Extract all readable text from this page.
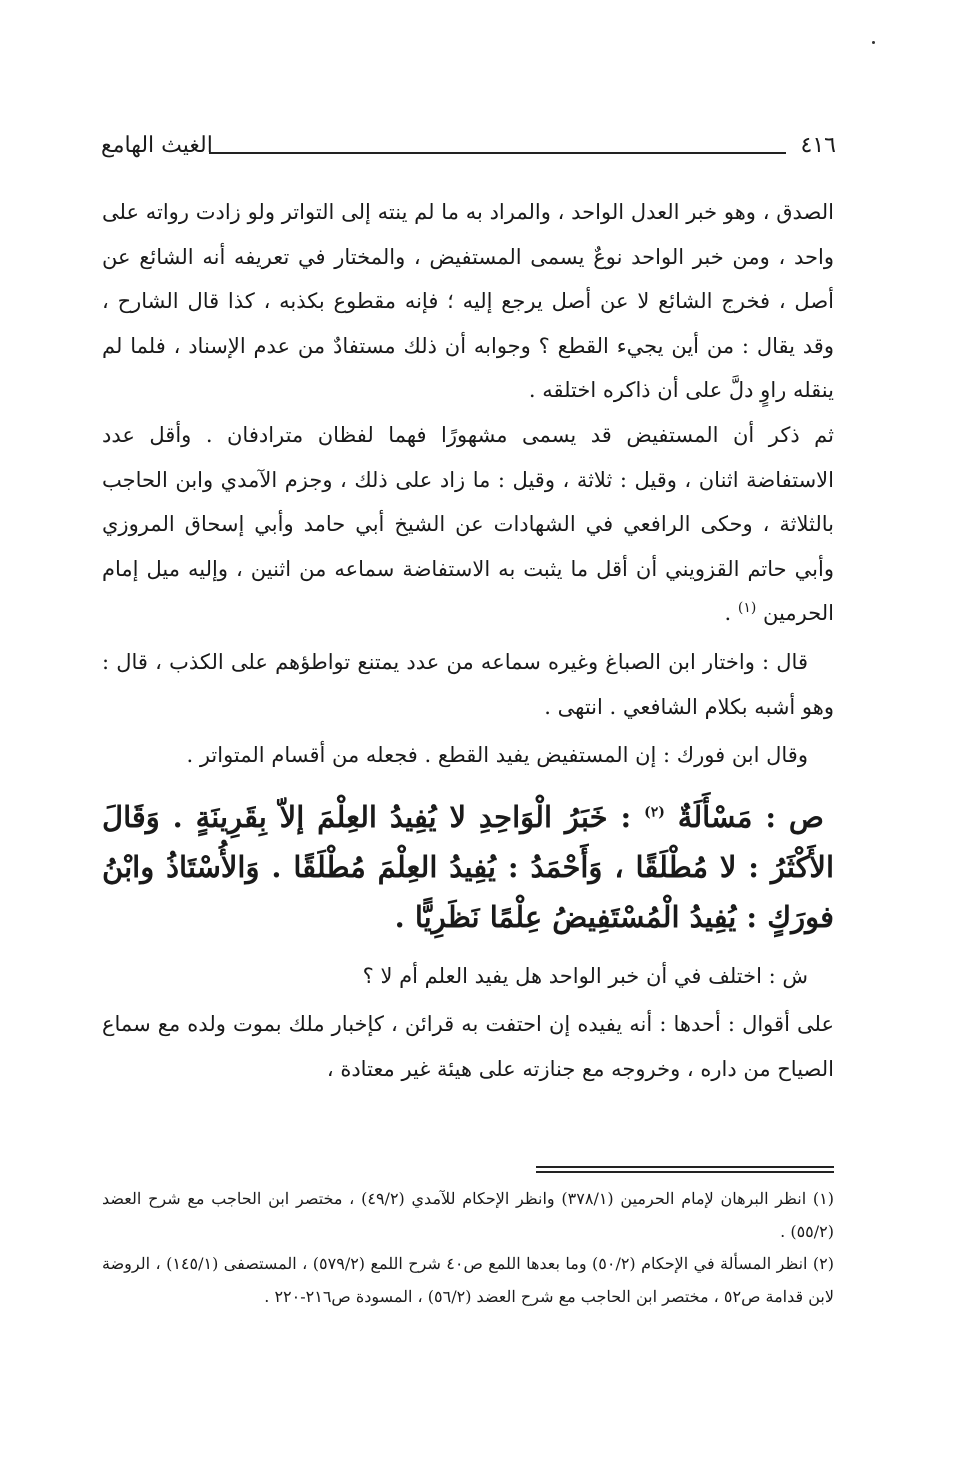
٤١٦
الغيث الهامع

الصدق ، وهو خبر العدل الواحد ، والمراد به ما لم ينته إلى التواتر ولو زادت رواته على واحد ، ومن خبر الواحد نوعٌ يسمى المستفيض ، والمختار في تعريفه أنه الشائع عن أصل ، فخرج الشائع لا عن أصل يرجع إليه ؛ فإنه مقطوع بكذبه ، كذا قال الشارح ، وقد يقال : من أين يجيء القطع ؟ وجوابه أن ذلك مستفادٌ من عدم الإسناد ، فلما لم ينقله راوٍ دلَّ على أن ذاكره اختلقه .

ثم ذكر أن المستفيض قد يسمى مشهورًا فهما لفظان مترادفان . وأقل عدد الاستفاضة اثنان ، وقيل : ثلاثة ، وقيل : ما زاد على ذلك ، وجزم الآمدي وابن الحاجب بالثلاثة ، وحكى الرافعي في الشهادات عن الشيخ أبي حامد وأبي إسحاق المروزي وأبي حاتم القزويني أن أقل ما يثبت به الاستفاضة سماعه من اثنين ، وإليه ميل إمام الحرمين $^{(١)}$ .

قال : واختار ابن الصباغ وغيره سماعه من عدد يمتنع تواطؤهم على الكذب ، قال : وهو أشبه بكلام الشافعي . انتهى .

وقال ابن فورك : إن المستفيض يفيد القطع . فجعله من أقسام المتواتر .

ص : مَسْأَلَةٌ $^{(٢)}$ : خَبَرُ الْوَاحِدِ لا يُفِيدُ العِلْمَ إلاّ بِقَرِينَةٍ . وَقَالَ الأَكْثَرُ : لا مُطْلَقًا ، وَأَحْمَدُ : يُفِيدُ العِلْمَ مُطْلَقًا . وَالأُسْتَاذُ وابْنُ فورَكٍ : يُفِيدُ الْمُسْتَفِيضُ عِلْمًا نَظَرِيًّا .

ش : اختلف في أن خبر الواحد هل يفيد العلم أم لا ؟

على أقوال : أحدها : أنه يفيده إن احتفت به قرائن ، كإخبار ملك بموت ولده مع سماع الصياح من داره ، وخروجه مع جنازته على هيئة غير معتادة ،

(١) انظر البرهان لإمام الحرمين (٣٧٨/١) وانظر الإحكام للآمدي (٤٩/٢) ، مختصر ابن الحاجب مع شرح العضد (٥٥/٢) .

(٢) انظر المسألة في الإحكام (٥٠/٢) وما بعدها اللمع ص٤٠ شرح اللمع (٥٧٩/٢) ، المستصفى (١٤٥/١) ، الروضة لابن قدامة ص٥٢ ، مختصر ابن الحاجب مع شرح العضد (٥٦/٢) ، المسودة ص٢١٦-٢٢٠ .
